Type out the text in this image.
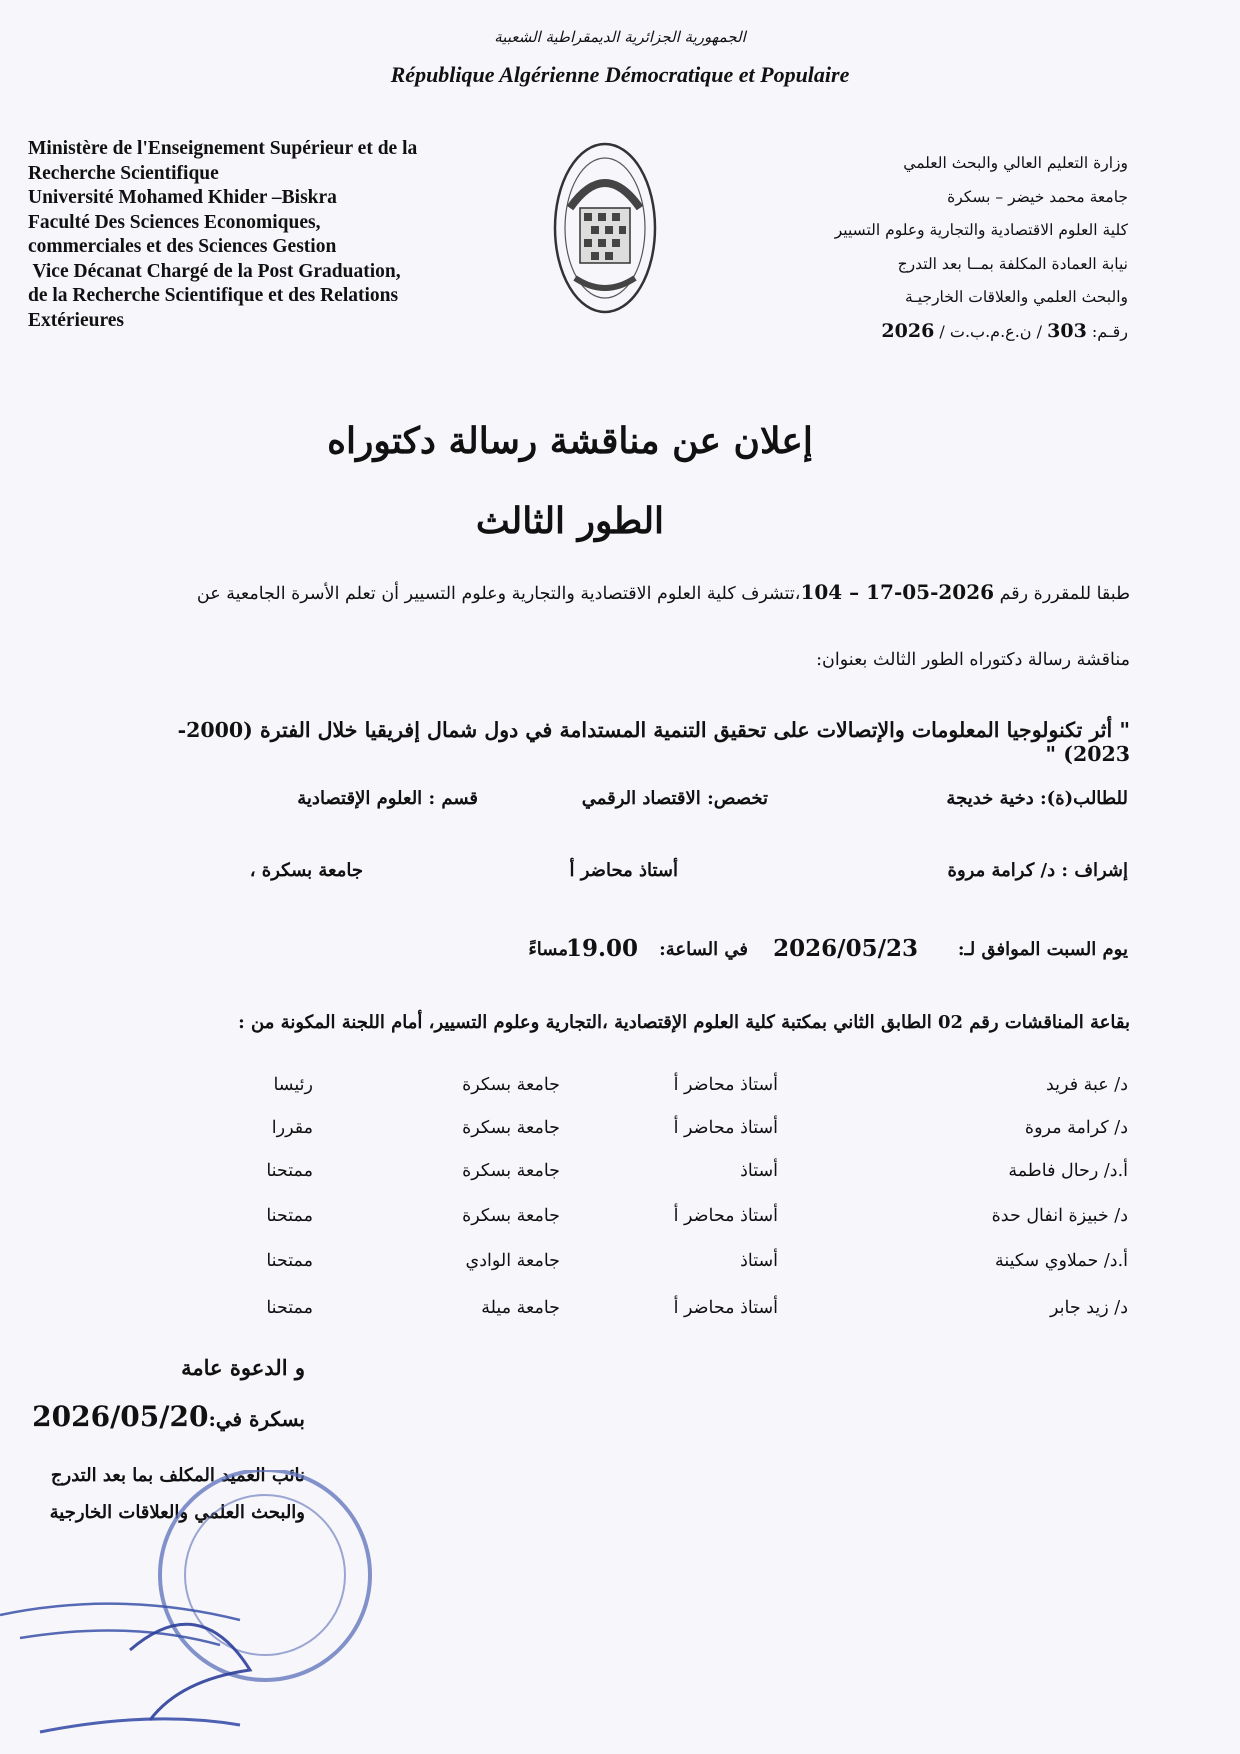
الجمهورية الجزائرية الديمقراطية الشعبية
République Algérienne Démocratique et Populaire
Ministère de l'Enseignement Supérieur et de la
Recherche Scientifique
Université Mohamed Khider –Biskra
Faculté Des Sciences Economiques,
commerciales et des Sciences Gestion
Vice Décanat Chargé de la Post Graduation,
de la Recherche Scientifique et des Relations
Extérieures
وزارة التعليم العالي والبحث العلمي
جامعة محمد خيضر – بسكرة
كلية العلوم الاقتصادية والتجارية وعلوم التسيير
نيابة العمادة المكلفة بمــا بعد التدرج
والبحث العلمي والعلاقات الخارجيـة
رقـم: 303 / ن.ع.م.ب.ت / 2026
إعلان عن مناقشة رسالة دكتوراه
الطور الثالث
طبقا للمقررة رقم 104 – 17-05-2026،تتشرف كلية العلوم الاقتصادية والتجارية وعلوم التسيير أن تعلم الأسرة الجامعية عن
مناقشة رسالة دكتوراه الطور الثالث بعنوان:
" أثر تكنولوجيا المعلومات والإتصالات على تحقيق التنمية المستدامة في دول شمال إفريقيا خلال الفترة (2000-2023) "
للطالب(ة): دخية خديجة
تخصص: الاقتصاد الرقمي
قسم : العلوم الإقتصادية
إشراف : د/ كرامة مروة
أستاذ محاضر أ
جامعة بسكرة ،
يوم السبت الموافق لـ:
2026/05/23
في الساعة:
19.00
مساءً
بقاعة المناقشات رقم 02 الطابق الثاني بمكتبة كلية العلوم الإقتصادية ،التجارية وعلوم التسيير، أمام اللجنة المكونة من :
د/ عبة فريد
أستاذ محاضر أ
جامعة بسكرة
رئيسا
د/ كرامة مروة
أستاذ محاضر أ
جامعة بسكرة
مقررا
أ.د/ رحال فاطمة
أستاذ
جامعة بسكرة
ممتحنا
د/ خبيزة انفال حدة
أستاذ محاضر أ
جامعة بسكرة
ممتحنا
أ.د/ حملاوي سكينة
أستاذ
جامعة الوادي
ممتحنا
د/ زيد جابر
أستاذ محاضر أ
جامعة ميلة
ممتحنا
و الدعوة عامة
بسكرة في:2026/05/20
نائب العميد المكلف بما بعد التدرج
والبحث العلمي والعلاقات الخارجية
